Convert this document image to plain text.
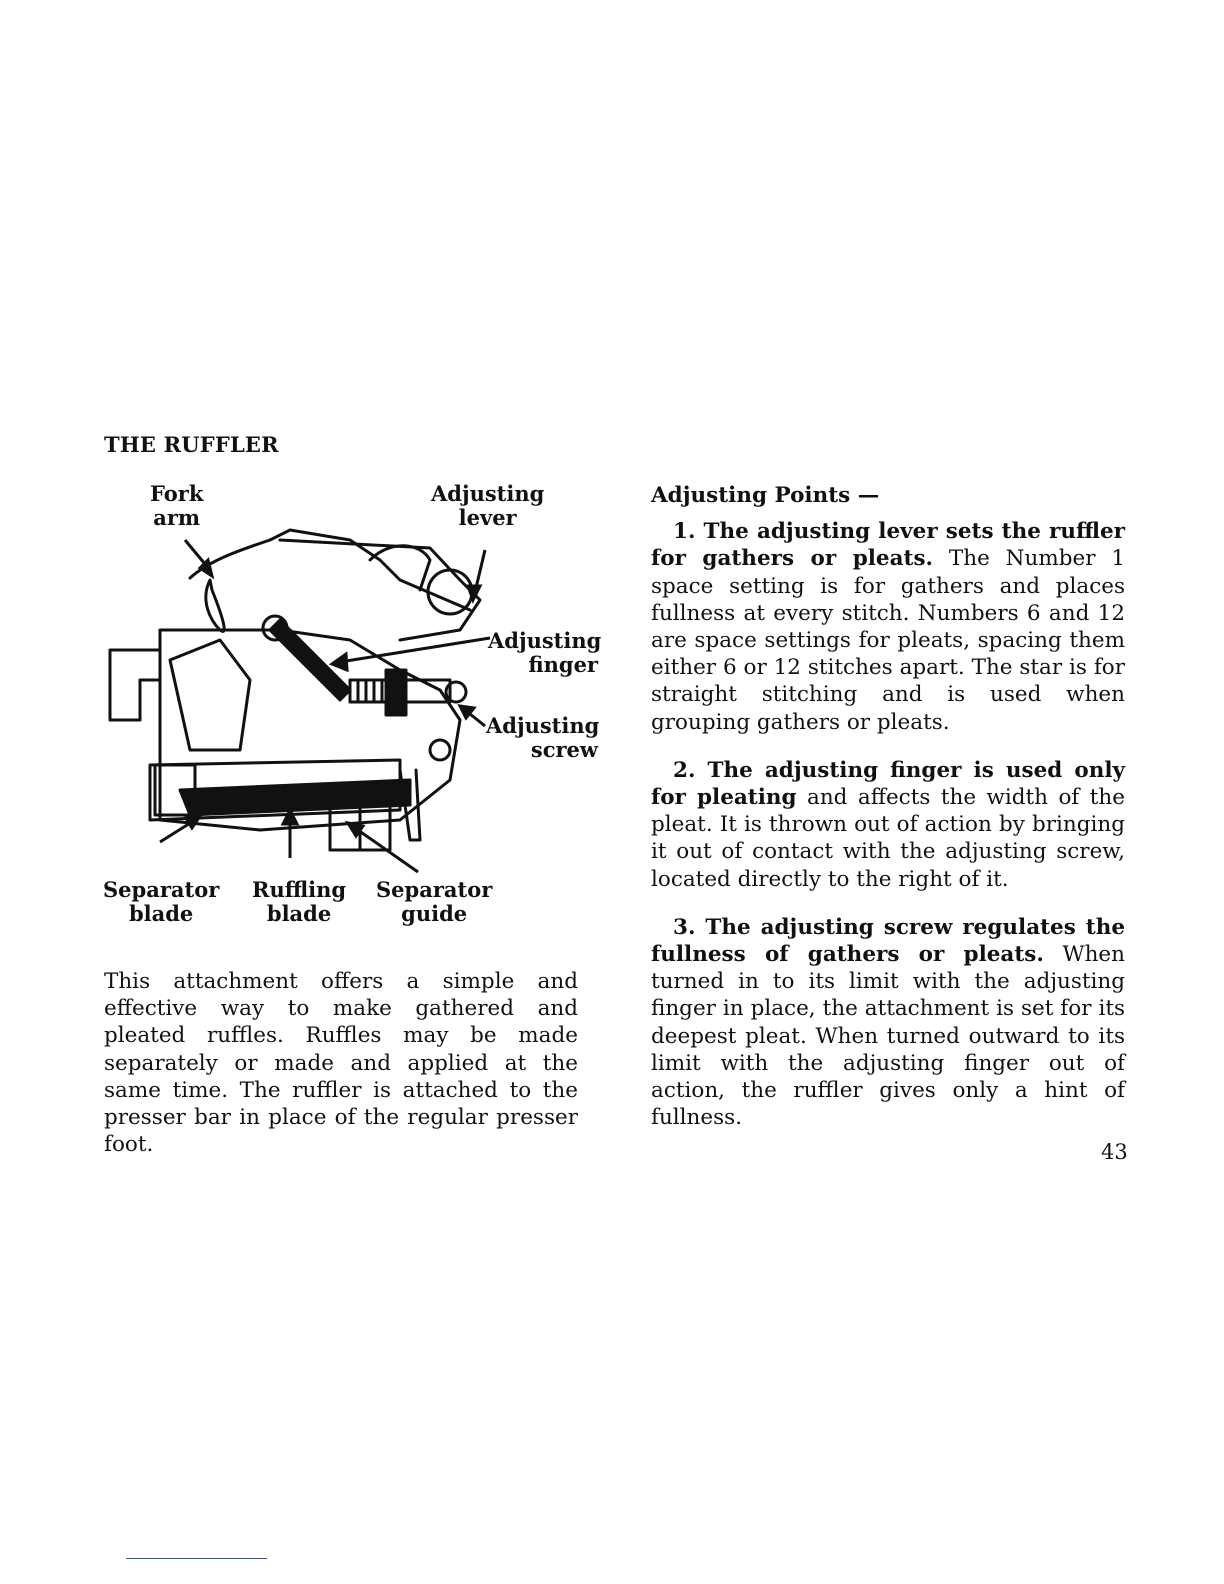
THE RUFFLER
Fork
arm
Adjusting
lever
Adjusting
finger
Adjusting
screw
Separator
blade
Ruffling
blade
Separator
guide
This attachment offers a simple and effective way to make gathered and pleated ruffles. Ruffles may be made separately or made and applied at the same time. The ruffler is attached to the presser bar in place of the regular presser foot.
Adjusting Points —

1. The adjusting lever sets the ruffler for gathers or pleats. The Number 1 space setting is for gathers and places fullness at every stitch. Numbers 6 and 12 are space settings for pleats, spacing them either 6 or 12 stitches apart. The star is for straight stitching and is used when grouping gathers or pleats.

2. The adjusting finger is used only for pleating and affects the width of the pleat. It is thrown out of action by bringing it out of contact with the adjusting screw, located directly to the right of it.

3. The adjusting screw regulates the fullness of gathers or pleats. When turned in to its limit with the adjusting finger in place, the attachment is set for its deepest pleat. When turned outward to its limit with the adjusting finger out of action, the ruffler gives only a hint of fullness.

43
